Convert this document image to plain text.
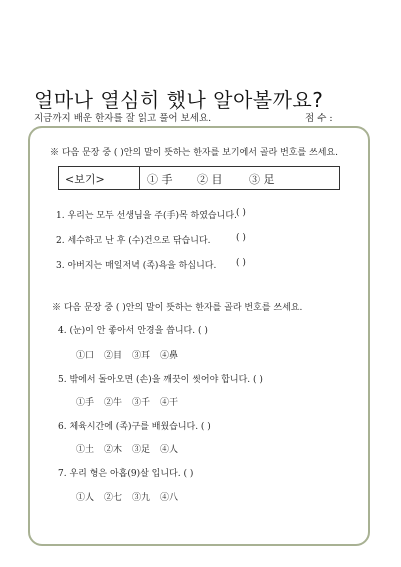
얼마나 열심히 했나 알아볼까요?
지금까지 배운 한자를 잘 읽고 풀어 보세요.	점 수 :
※ 다음 문장 중 ( )안의 말이 뜻하는 한자를 보기에서 골라 번호를 쓰세요.
<보기>	① 手 ② 目 ③ 足
1. 우리는 모두 선생님을 주(手)목 하였습니다. ( )
2. 세수하고 난 후 (수)건으로 닦습니다.	( )
3. 아버지는 매일저녁 (족)욕을 하십니다. ( )
※ 다음 문장 중 ( )안의 말이 뜻하는 한자를 골라 번호를 쓰세요.
4. (눈)이 안 좋아서 안경을 씁니다. ( )
①口 ②目 ③耳 ④鼻
5. 밖에서 돌아오면 (손)을 깨끗이 씻어야 합니다. ( )
①手 ②牛 ③千 ④干
6. 체육시간에 (족)구를 배웠습니다. ( )
①土 ②木 ③足 ④人
7. 우리 형은 아홉(9)살 입니다. ( )
①人 ②七 ③九 ④八
